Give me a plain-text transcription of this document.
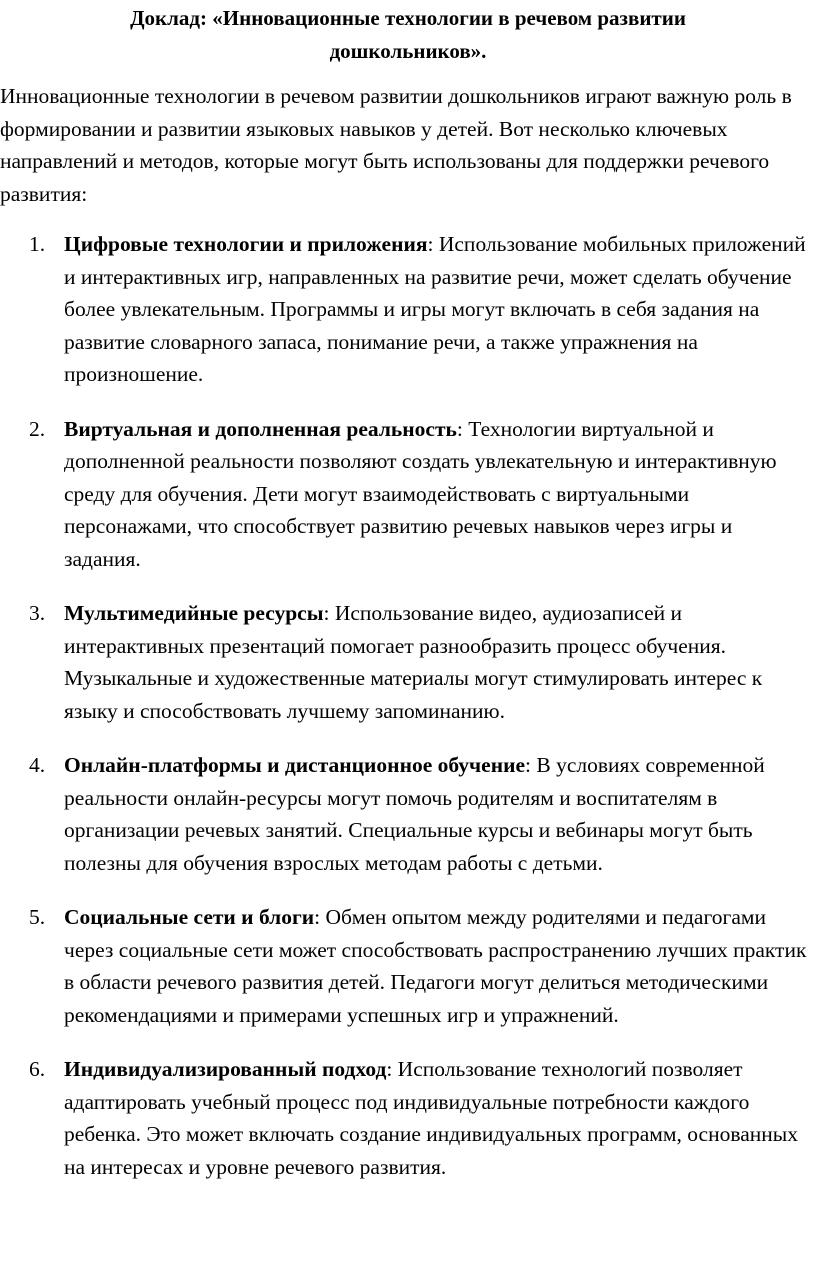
Доклад: «Инновационные технологии в речевом развитии
дошкольников».

Инновационные технологии в речевом развитии дошкольников играют важную роль в формировании и развитии языковых навыков у детей. Вот несколько ключевых направлений и методов, которые могут быть использованы для поддержки речевого развития:

1. Цифровые технологии и приложения: Использование мобильных приложений и интерактивных игр, направленных на развитие речи, может сделать обучение более увлекательным. Программы и игры могут включать в себя задания на развитие словарного запаса, понимание речи, а также упражнения на произношение.
2. Виртуальная и дополненная реальность: Технологии виртуальной и дополненной реальности позволяют создать увлекательную и интерактивную среду для обучения. Дети могут взаимодействовать с виртуальными персонажами, что способствует развитию речевых навыков через игры и задания.
3. Мультимедийные ресурсы: Использование видео, аудиозаписей и интерактивных презентаций помогает разнообразить процесс обучения. Музыкальные и художественные материалы могут стимулировать интерес к языку и способствовать лучшему запоминанию.
4. Онлайн-платформы и дистанционное обучение: В условиях современной реальности онлайн-ресурсы могут помочь родителям и воспитателям в организации речевых занятий. Специальные курсы и вебинары могут быть полезны для обучения взрослых методам работы с детьми.
5. Социальные сети и блоги: Обмен опытом между родителями и педагогами через социальные сети может способствовать распространению лучших практик в области речевого развития детей. Педагоги могут делиться методическими рекомендациями и примерами успешных игр и упражнений.
6. Индивидуализированный подход: Использование технологий позволяет адаптировать учебный процесс под индивидуальные потребности каждого ребенка. Это может включать создание индивидуальных программ, основанных на интересах и уровне речевого развития.
